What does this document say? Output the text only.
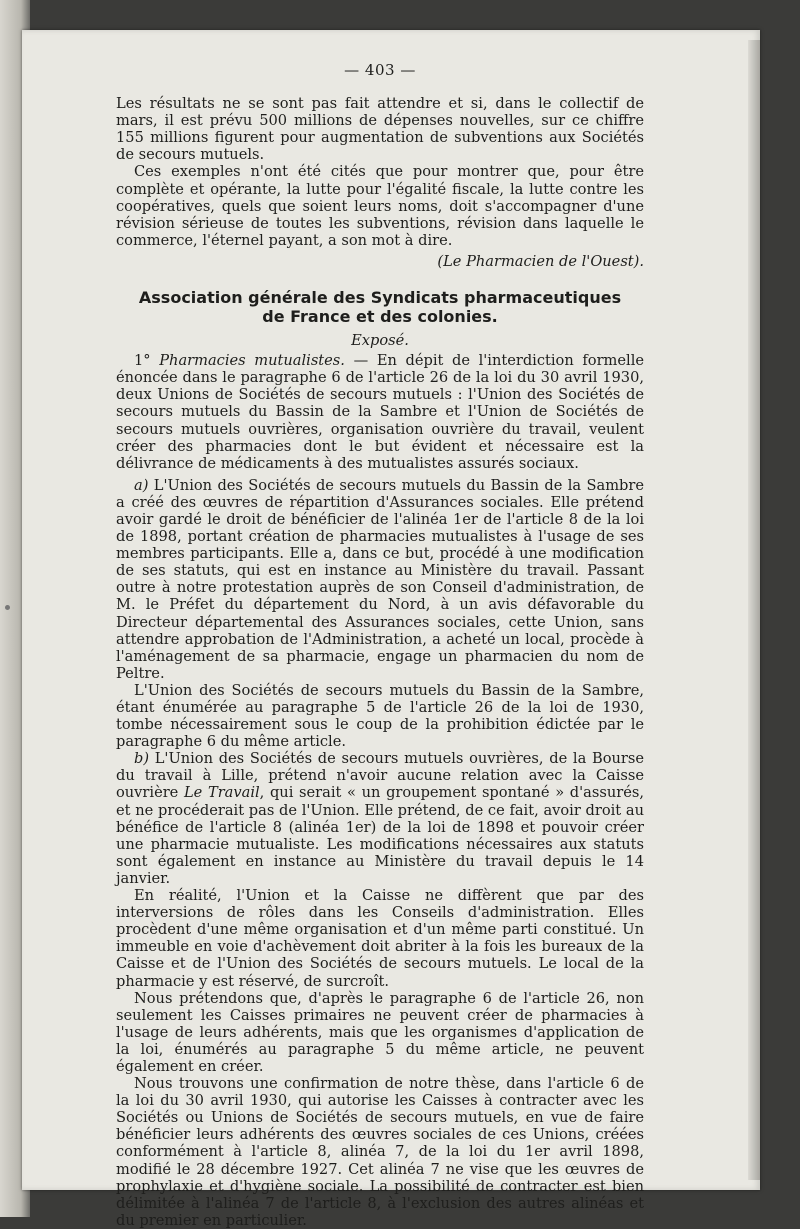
— 403 —

Les résultats ne se sont pas fait attendre et si, dans le collectif de mars, il est prévu 500 millions de dépenses nouvelles, sur ce chiffre 155 millions figurent pour augmentation de subventions aux Sociétés de secours mutuels.

Ces exemples n'ont été cités que pour montrer que, pour être complète et opérante, la lutte pour l'égalité fiscale, la lutte contre les coopératives, quels que soient leurs noms, doit s'accompagner d'une révision sérieuse de toutes les subventions, révision dans laquelle le commerce, l'éternel payant, a son mot à dire.

(Le Pharmacien de l'Ouest).
Association générale des Syndicats pharmaceutiques
de France et des colonies.
Exposé.

1° Pharmacies mutualistes. — En dépit de l'interdiction formelle énoncée dans le paragraphe 6 de l'article 26 de la loi du 30 avril 1930, deux Unions de Sociétés de secours mutuels : l'Union des Sociétés de secours mutuels du Bassin de la Sambre et l'Union de Sociétés de secours mutuels ouvrières, organisation ouvrière du travail, veulent créer des pharmacies dont le but évident et nécessaire est la délivrance de médicaments à des mutualistes assurés sociaux.

a) L'Union des Sociétés de secours mutuels du Bassin de la Sambre a créé des œuvres de répartition d'Assurances sociales. Elle prétend avoir gardé le droit de bénéficier de l'alinéa 1er de l'article 8 de la loi de 1898, portant création de pharmacies mutualistes à l'usage de ses membres participants. Elle a, dans ce but, procédé à une modification de ses statuts, qui est en instance au Ministère du travail. Passant outre à notre protestation auprès de son Conseil d'administration, de M. le Préfet du département du Nord, à un avis défavorable du Directeur départemental des Assurances sociales, cette Union, sans attendre approbation de l'Administration, a acheté un local, procède à l'aménagement de sa pharmacie, engage un pharmacien du nom de Peltre.

L'Union des Sociétés de secours mutuels du Bassin de la Sambre, étant énumérée au paragraphe 5 de l'article 26 de la loi de 1930, tombe nécessairement sous le coup de la prohibition édictée par le paragraphe 6 du même article.

b) L'Union des Sociétés de secours mutuels ouvrières, de la Bourse du travail à Lille, prétend n'avoir aucune relation avec la Caisse ouvrière Le Travail, qui serait « un groupement spontané » d'assurés, et ne procéderait pas de l'Union. Elle prétend, de ce fait, avoir droit au bénéfice de l'article 8 (alinéa 1er) de la loi de 1898 et pouvoir créer une pharmacie mutualiste. Les modifications nécessaires aux statuts sont également en instance au Ministère du travail depuis le 14 janvier.

En réalité, l'Union et la Caisse ne diffèrent que par des interversions de rôles dans les Conseils d'administration. Elles procèdent d'une même organisation et d'un même parti constitué. Un immeuble en voie d'achèvement doit abriter à la fois les bureaux de la Caisse et de l'Union des Sociétés de secours mutuels. Le local de la pharmacie y est réservé, de surcroît.

Nous prétendons que, d'après le paragraphe 6 de l'article 26, non seulement les Caisses primaires ne peuvent créer de pharmacies à l'usage de leurs adhérents, mais que les organismes d'application de la loi, énumérés au paragraphe 5 du même article, ne peuvent également en créer.

Nous trouvons une confirmation de notre thèse, dans l'article 6 de la loi du 30 avril 1930, qui autorise les Caisses à contracter avec les Sociétés ou Unions de Sociétés de secours mutuels, en vue de faire bénéficier leurs adhérents des œuvres sociales de ces Unions, créées conformément à l'article 8, alinéa 7, de la loi du 1er avril 1898, modifié le 28 décembre 1927. Cet alinéa 7 ne vise que les œuvres de prophylaxie et d'hygiène sociale. La possibilité de contracter est bien délimitée à l'alinéa 7 de l'article 8, à l'exclusion des autres alinéas et du premier en particulier.
